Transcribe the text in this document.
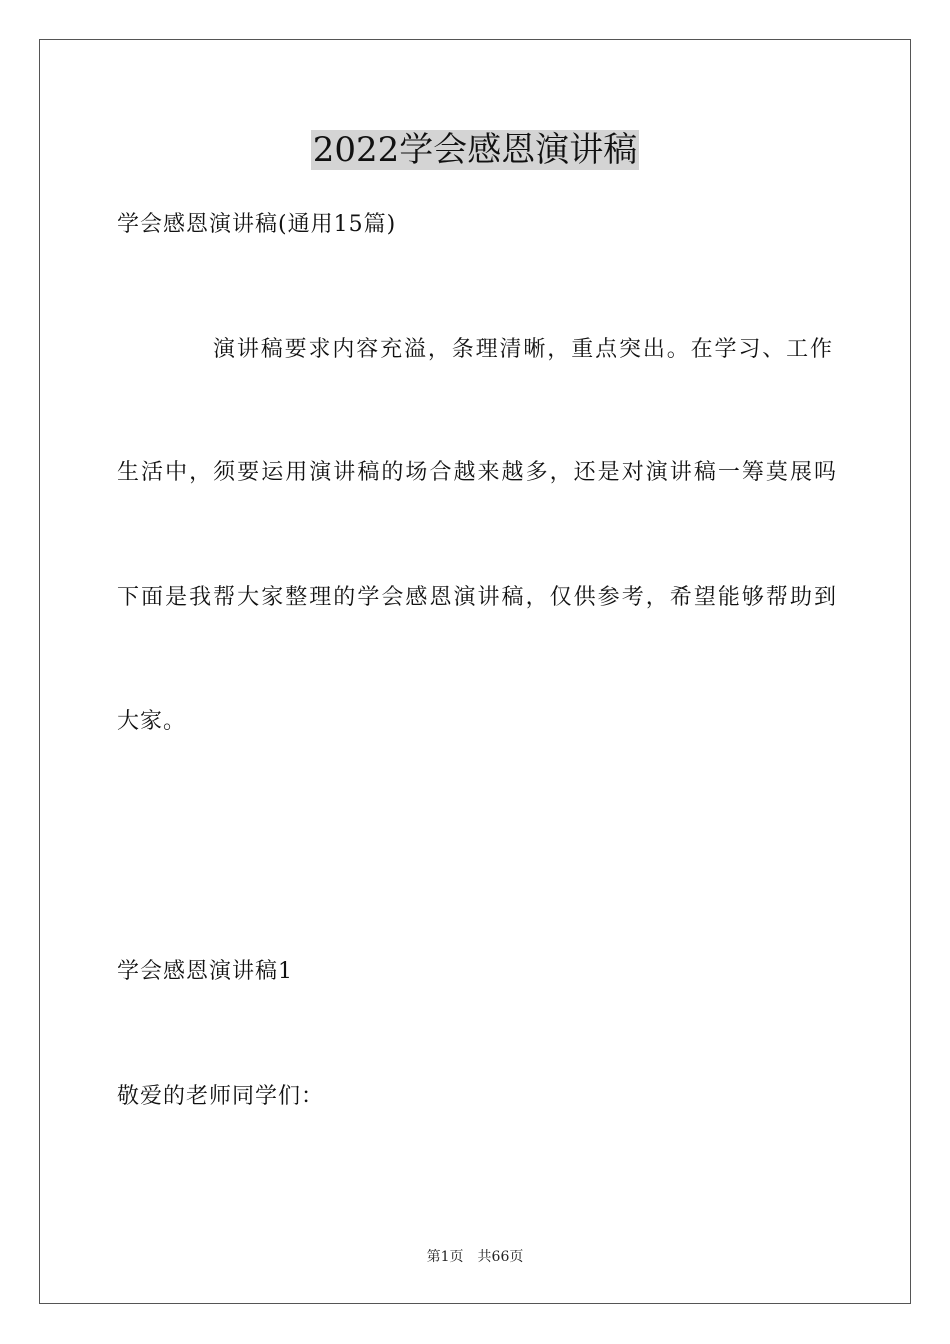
2022学会感恩演讲稿
学会感恩演讲稿(通用15篇)
演讲稿要求内容充溢，条理清晰，重点突出。在学习、工作
生活中，须要运用演讲稿的场合越来越多，还是对演讲稿一筹莫展吗
下面是我帮大家整理的学会感恩演讲稿，仅供参考，希望能够帮助到
大家。
学会感恩演讲稿1
敬爱的老师同学们：
第1页 共66页
